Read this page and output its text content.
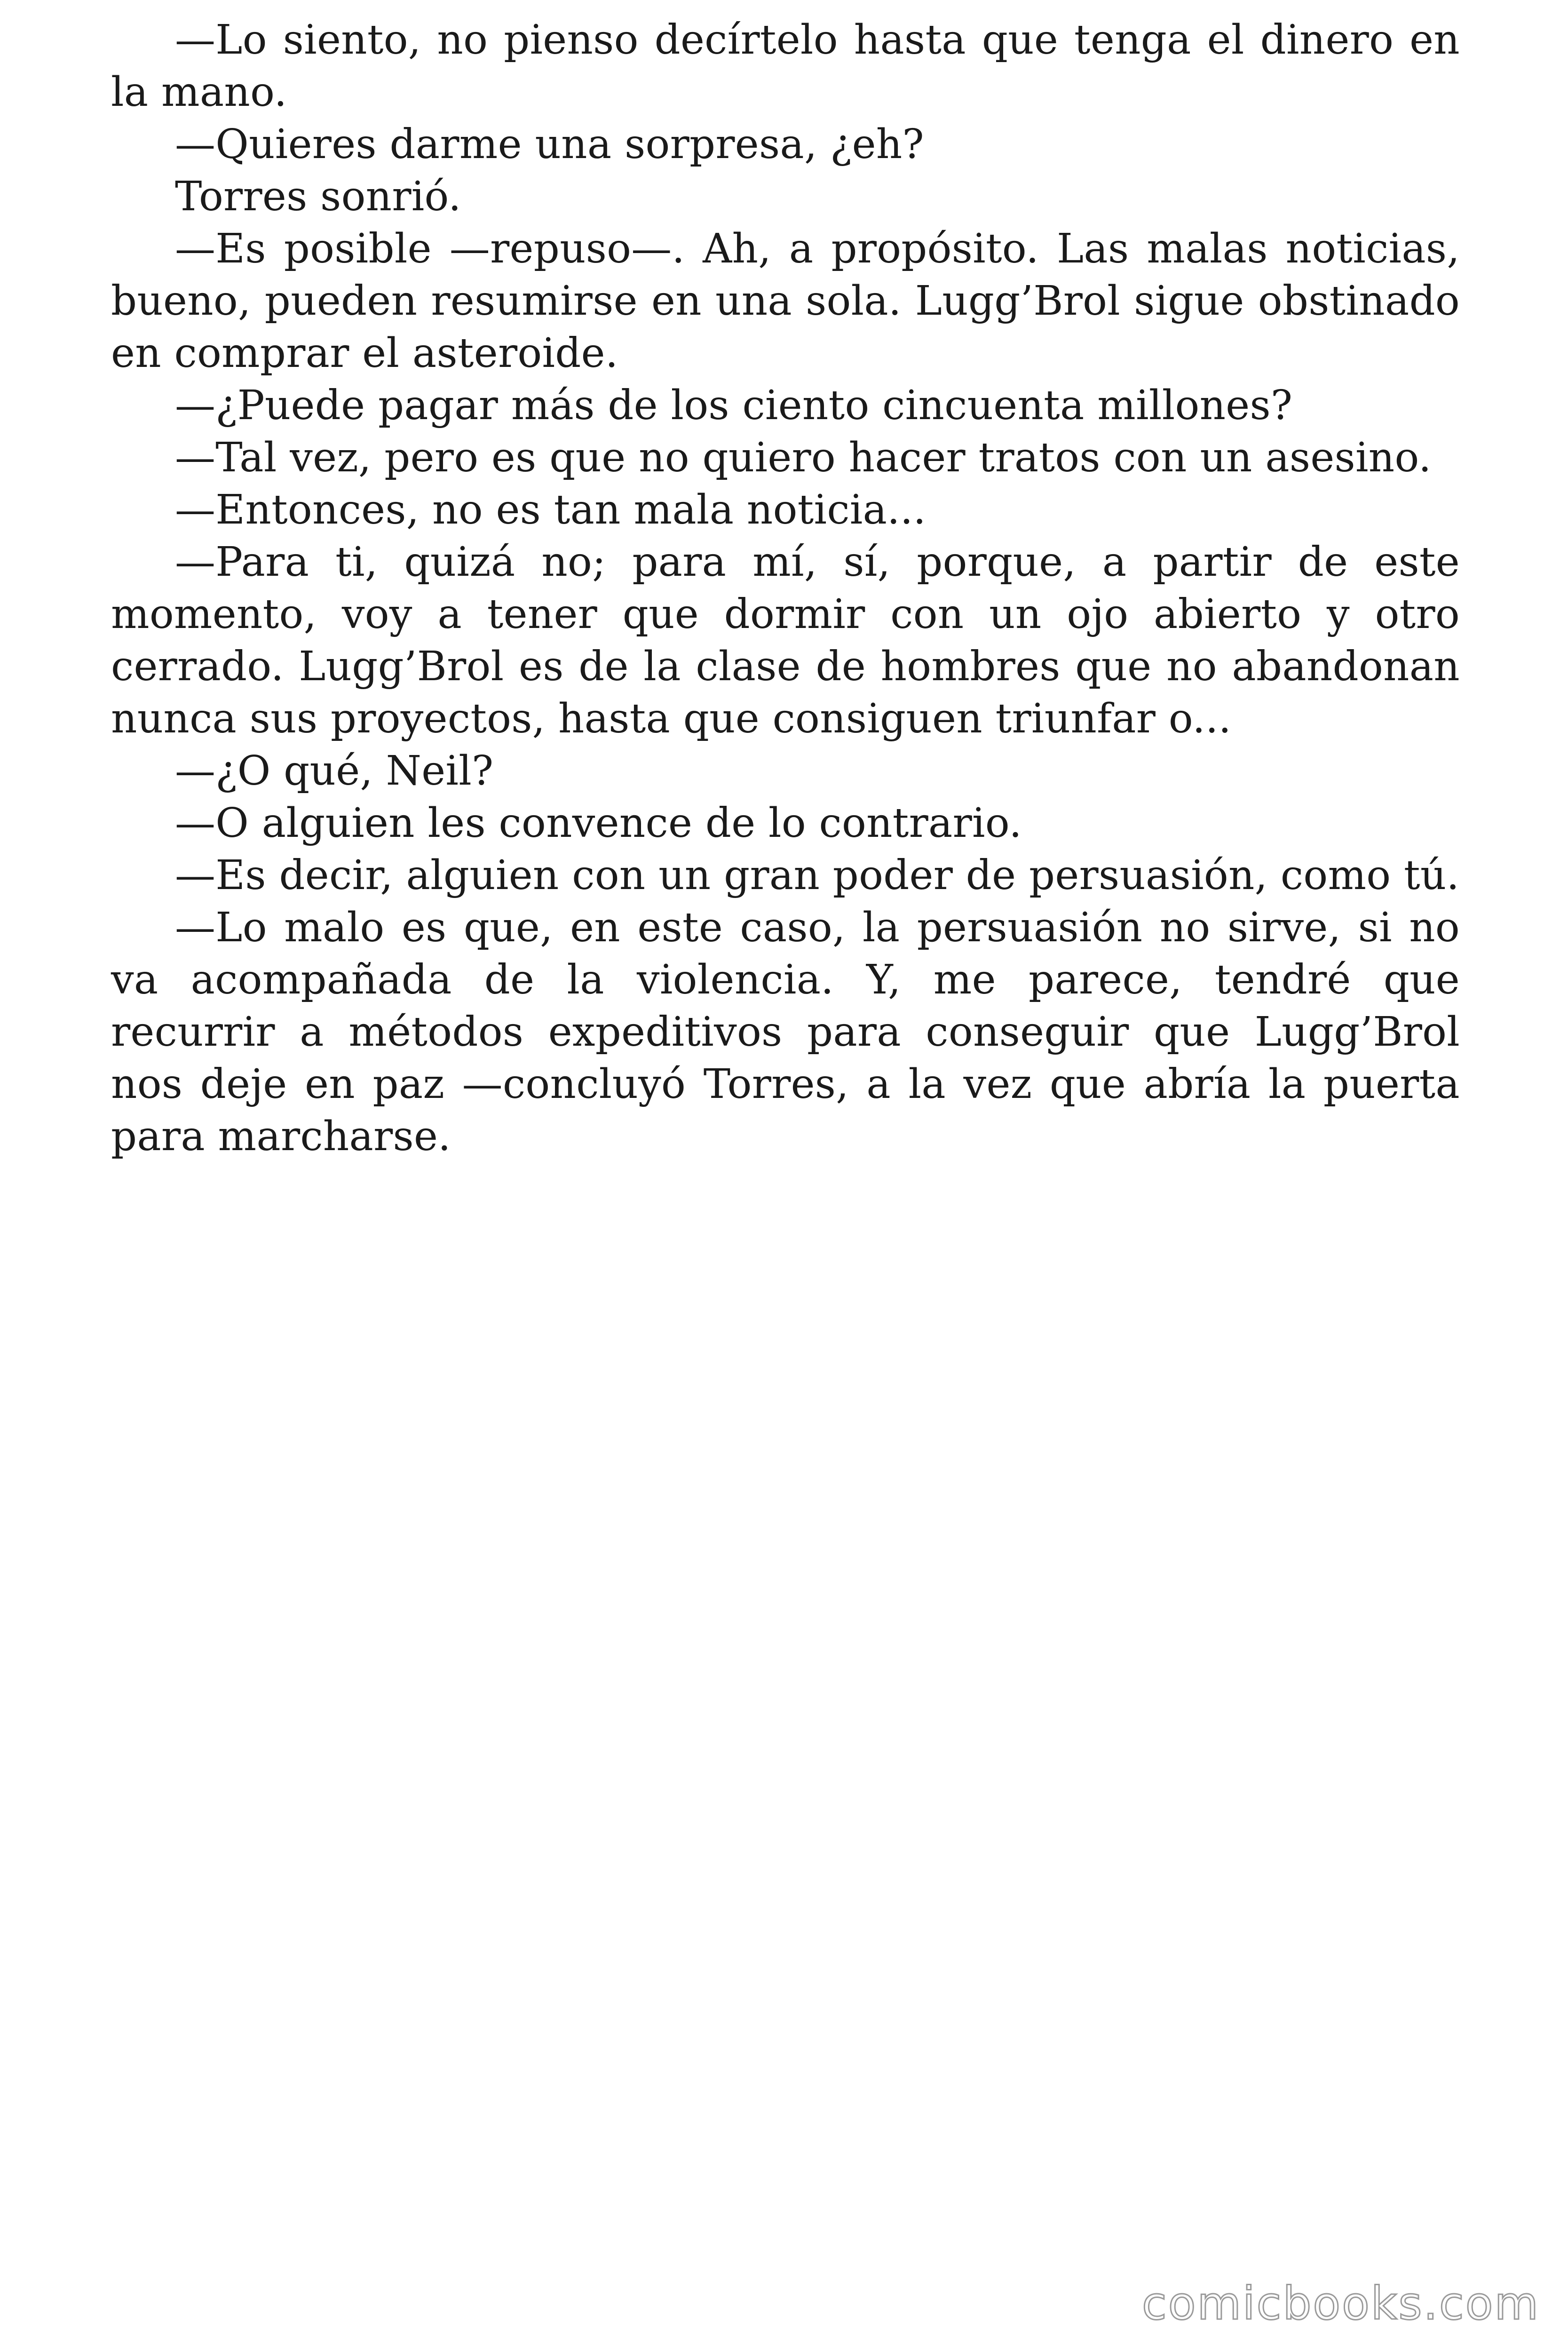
—Lo siento, no pienso decírtelo hasta que tenga el dinero en la mano.

—Quieres darme una sorpresa, ¿eh?

Torres sonrió.

—Es posible —repuso—. Ah, a propósito. Las malas noticias, bueno, pueden resumirse en una sola. Lugg’Brol sigue obstinado en comprar el asteroide.

—¿Puede pagar más de los ciento cincuenta millones?

—Tal vez, pero es que no quiero hacer tratos con un asesino.

—Entonces, no es tan mala noticia...

—Para ti, quizá no; para mí, sí, porque, a partir de este momento, voy a tener que dormir con un ojo abierto y otro cerrado. Lugg’Brol es de la clase de hombres que no abandonan nunca sus proyectos, hasta que consiguen triunfar o...

—¿O qué, Neil?

—O alguien les convence de lo contrario.

—Es decir, alguien con un gran poder de persuasión, como tú.

—Lo malo es que, en este caso, la persuasión no sirve, si no va acompañada de la violencia. Y, me parece, tendré que recurrir a métodos expeditivos para conseguir que Lugg’Brol nos deje en paz —concluyó Torres, a la vez que abría la puerta para marcharse.

comicbooks.com
